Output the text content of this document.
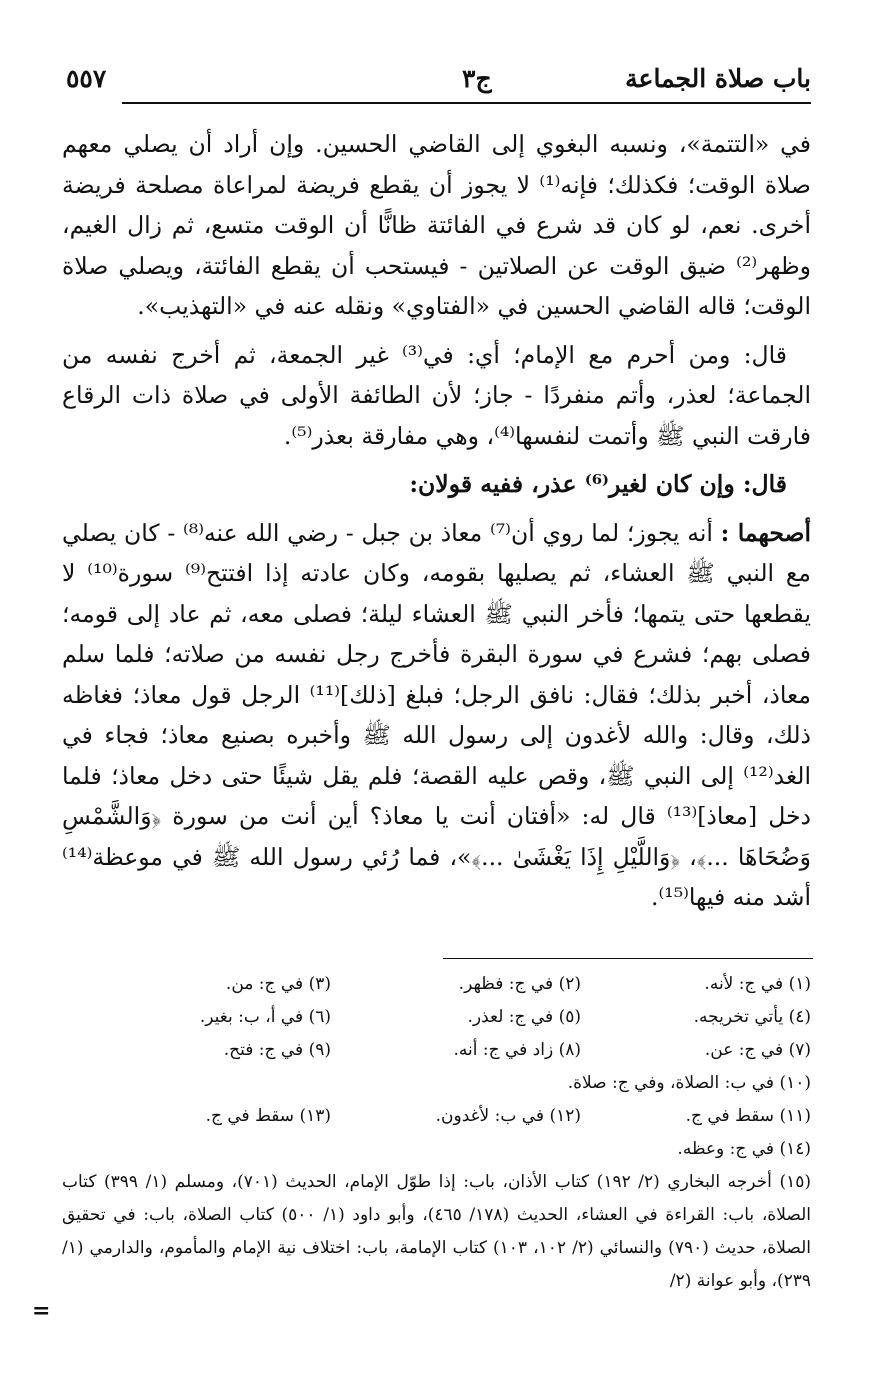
٥٥٧	ج٣	باب صلاة الجماعة

في «التتمة»، ونسبه البغوي إلى القاضي الحسين. وإن أراد أن يصلي معهم صلاة الوقت؛ فكذلك؛ فإنه⁽¹⁾ لا يجوز أن يقطع فريضة لمراعاة مصلحة فريضة أخرى. نعم، لو كان قد شرع في الفائتة ظانًّا أن الوقت متسع، ثم زال الغيم، وظهر⁽²⁾ ضيق الوقت عن الصلاتين - فيستحب أن يقطع الفائتة، ويصلي صلاة الوقت؛ قاله القاضي الحسين في «الفتاوي» ونقله عنه في «التهذيب».

قال: ومن أحرم مع الإمام؛ أي: في⁽³⁾ غير الجمعة، ثم أخرج نفسه من الجماعة؛ لعذر، وأتم منفردًا - جاز؛ لأن الطائفة الأولى في صلاة ذات الرقاع فارقت النبي ﷺ وأتمت لنفسها⁽⁴⁾، وهي مفارقة بعذر⁽⁵⁾.

قال: وإن كان لغير⁽⁶⁾ عذر، ففيه قولان:

أصحهما : أنه يجوز؛ لما روي أن⁽⁷⁾ معاذ بن جبل - رضي الله عنه⁽⁸⁾ - كان يصلي مع النبي ﷺ العشاء، ثم يصليها بقومه، وكان عادته إذا افتتح⁽⁹⁾ سورة⁽¹⁰⁾ لا يقطعها حتى يتمها؛ فأخر النبي ﷺ العشاء ليلة؛ فصلى معه، ثم عاد إلى قومه؛ فصلى بهم؛ فشرع في سورة البقرة فأخرج رجل نفسه من صلاته؛ فلما سلم معاذ، أخبر بذلك؛ فقال: نافق الرجل؛ فبلغ [ذلك]⁽¹¹⁾ الرجل قول معاذ؛ فغاظه ذلك، وقال: والله لأغدون إلى رسول الله ﷺ وأخبره بصنيع معاذ؛ فجاء في الغد⁽¹²⁾ إلى النبي ﷺ، وقص عليه القصة؛ فلم يقل شيئًا حتى دخل معاذ؛ فلما دخل [معاذ]⁽¹³⁾ قال له: «أفتان أنت يا معاذ؟ أين أنت من سورة ﴿وَالشَّمْسِ وَضُحَاهَا ...﴾، ﴿وَاللَّيْلِ إِذَا يَغْشَىٰ ...﴾»، فما رُئي رسول الله ﷺ في موعظة⁽¹⁴⁾ أشد منه فيها⁽¹⁵⁾.

(١) في ج: لأنه.
(٢) في ج: فظهر.
(٣) في ج: من.
(٤) يأتي تخريجه.
(٥) في ج: لعذر.
(٦) في أ، ب: بغير.
(٧) في ج: عن.
(٨) زاد في ج: أنه.
(٩) في ج: فتح.
(١٠) في ب: الصلاة، وفي ج: صلاة.
(١١) سقط في ج.
(١٢) في ب: لأغدون.
(١٣) سقط في ج.
(١٤) في ج: وعظه.
(١٥) أخرجه البخاري (٢/ ١٩٢) كتاب الأذان، باب: إذا طوّل الإمام، الحديث (٧٠١)، ومسلم (١/ ٣٩٩) كتاب الصلاة، باب: القراءة في العشاء، الحديث (١٧٨/ ٤٦٥)، وأبو داود (١/ ٥٠٠) كتاب الصلاة، باب: في تحقيق الصلاة، حديث (٧٩٠) والنسائي (٢/ ١٠٢، ١٠٣) كتاب الإمامة، باب: اختلاف نية الإمام والمأموم، والدارمي (١/ ٢٣٩)، وأبو عوانة (٢/
=
